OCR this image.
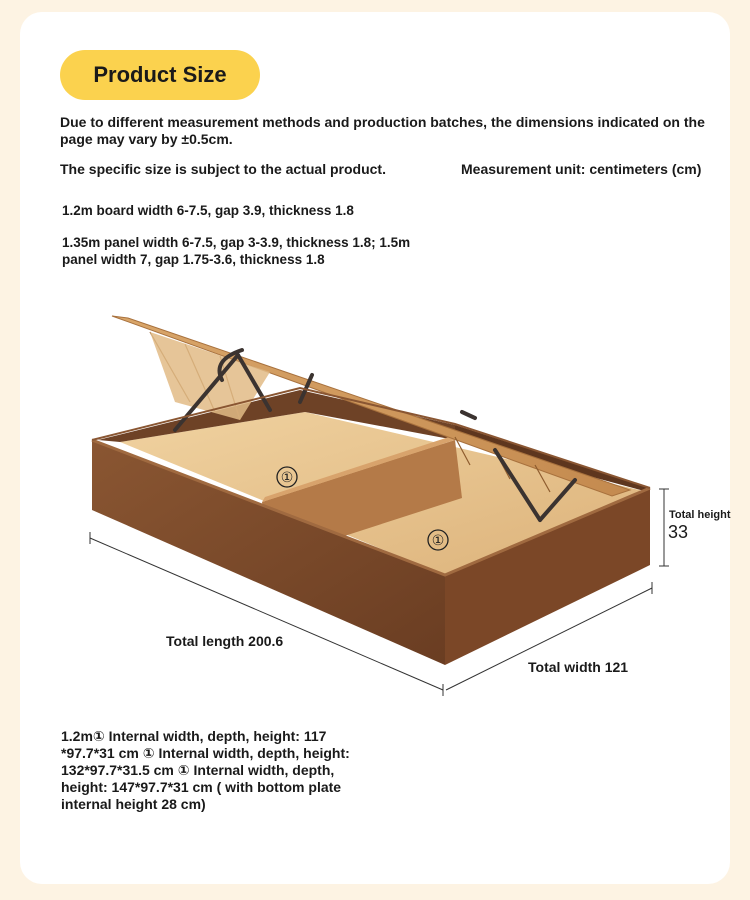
Product Size
Due to different measurement methods and production batches, the dimensions indicated on the page may vary by ±0.5cm.
The specific size is subject to the actual product.	Measurement unit: centimeters (cm)
1.2m board width 6-7.5, gap 3.9, thickness 1.8
1.35m panel width 6-7.5, gap 3-3.9, thickness 1.8; 1.5m panel width 7, gap 1.75-3.6, thickness 1.8
①
①
Total length 200.6
Total width 121
Total height
33
1.2m① Internal width, depth, height: 117 *97.7*31 cm ① Internal width, depth, height: 132*97.7*31.5 cm ① Internal width, depth, height: 147*97.7*31 cm ( with bottom plate internal height 28 cm)
